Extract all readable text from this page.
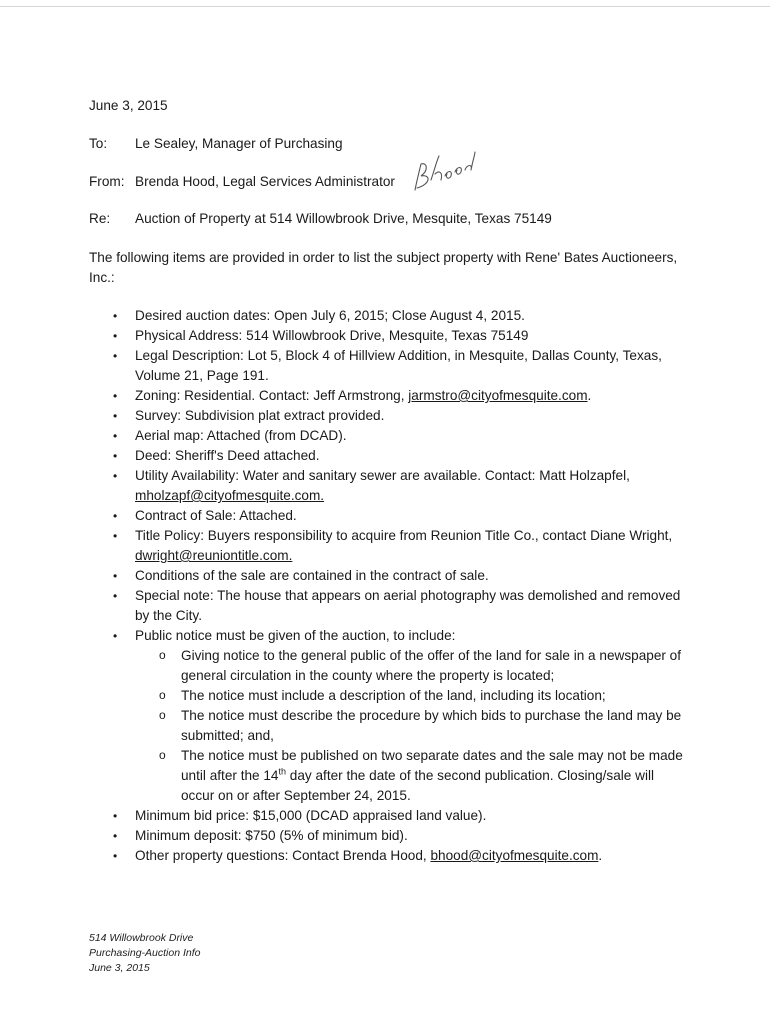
June 3, 2015

To:	Le Sealey, Manager of Purchasing
From: Brenda Hood, Legal Services Administrator
Re:	Auction of Property at 514 Willowbrook Drive, Mesquite, Texas 75149

The following items are provided in order to list the subject property with Rene' Bates Auctioneers, Inc.:

• Desired auction dates: Open July 6, 2015; Close August 4, 2015.
• Physical Address: 514 Willowbrook Drive, Mesquite, Texas 75149
• Legal Description: Lot 5, Block 4 of Hillview Addition, in Mesquite, Dallas County, Texas, Volume 21, Page 191.
• Zoning: Residential. Contact: Jeff Armstrong, jarmstro@cityofmesquite.com.
• Survey: Subdivision plat extract provided.
• Aerial map: Attached (from DCAD).
• Deed: Sheriff's Deed attached.
• Utility Availability: Water and sanitary sewer are available. Contact: Matt Holzapfel, mholzapf@cityofmesquite.com.
• Contract of Sale: Attached.
• Title Policy: Buyers responsibility to acquire from Reunion Title Co., contact Diane Wright, dwright@reuniontitle.com.
• Conditions of the sale are contained in the contract of sale.
• Special note: The house that appears on aerial photography was demolished and removed by the City.
• Public notice must be given of the auction, to include:
o Giving notice to the general public of the offer of the land for sale in a newspaper of general circulation in the county where the property is located;
o The notice must include a description of the land, including its location;
o The notice must describe the procedure by which bids to purchase the land may be submitted; and,
o The notice must be published on two separate dates and the sale may not be made until after the 14th day after the date of the second publication. Closing/sale will occur on or after September 24, 2015.
• Minimum bid price: $15,000 (DCAD appraised land value).
• Minimum deposit: $750 (5% of minimum bid).
• Other property questions: Contact Brenda Hood, bhood@cityofmesquite.com.
514 Willowbrook Drive
Purchasing-Auction Info
June 3, 2015
